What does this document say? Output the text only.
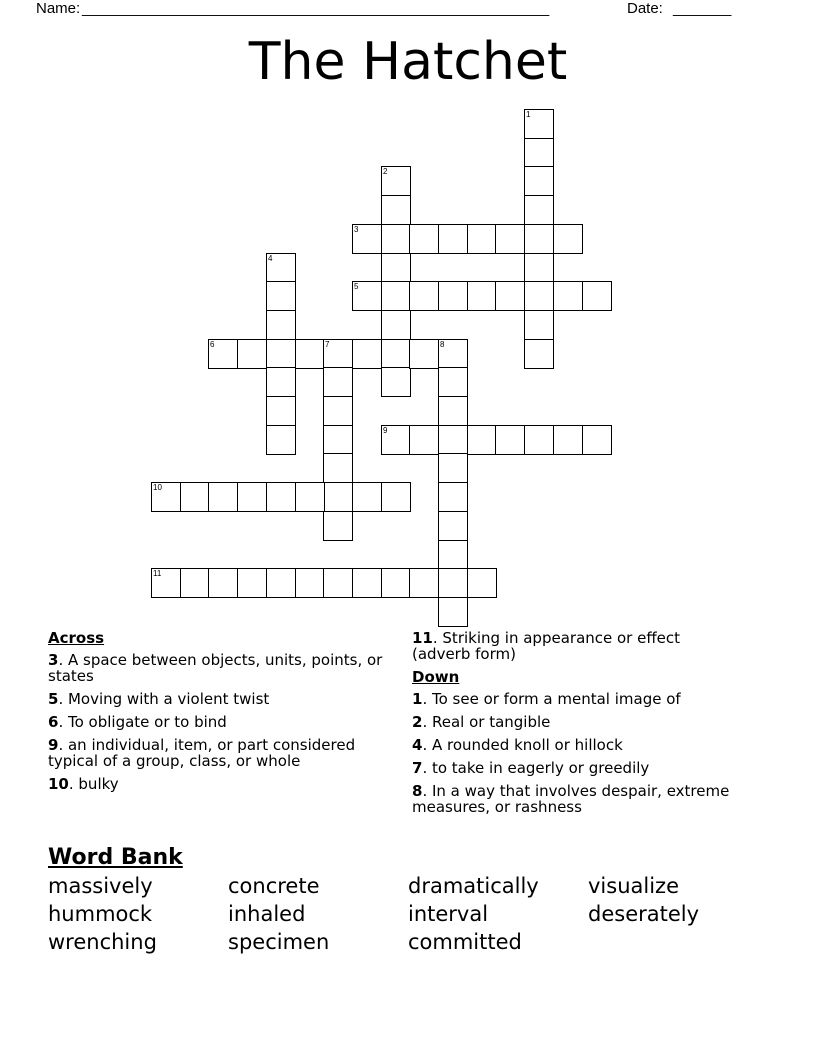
Name: ________________________________________________________	Date: _______
The Hatchet
1
2
3
4
5
6	7	8
9
10
11
Across
3. A space between objects, units, points, or states
5. Moving with a violent twist
6. To obligate or to bind
9. an individual, item, or part considered typical of a group, class, or whole
10. bulky
11. Striking in appearance or effect (adverb form)
Down
1. To see or form a mental image of
2. Real or tangible
4. A rounded knoll or hillock
7. to take in eagerly or greedily
8. In a way that involves despair, extreme measures, or rashness
Word Bank
massively	concrete	dramatically	visualize
hummock	inhaled	interval	deserately
wrenching	specimen	committed
